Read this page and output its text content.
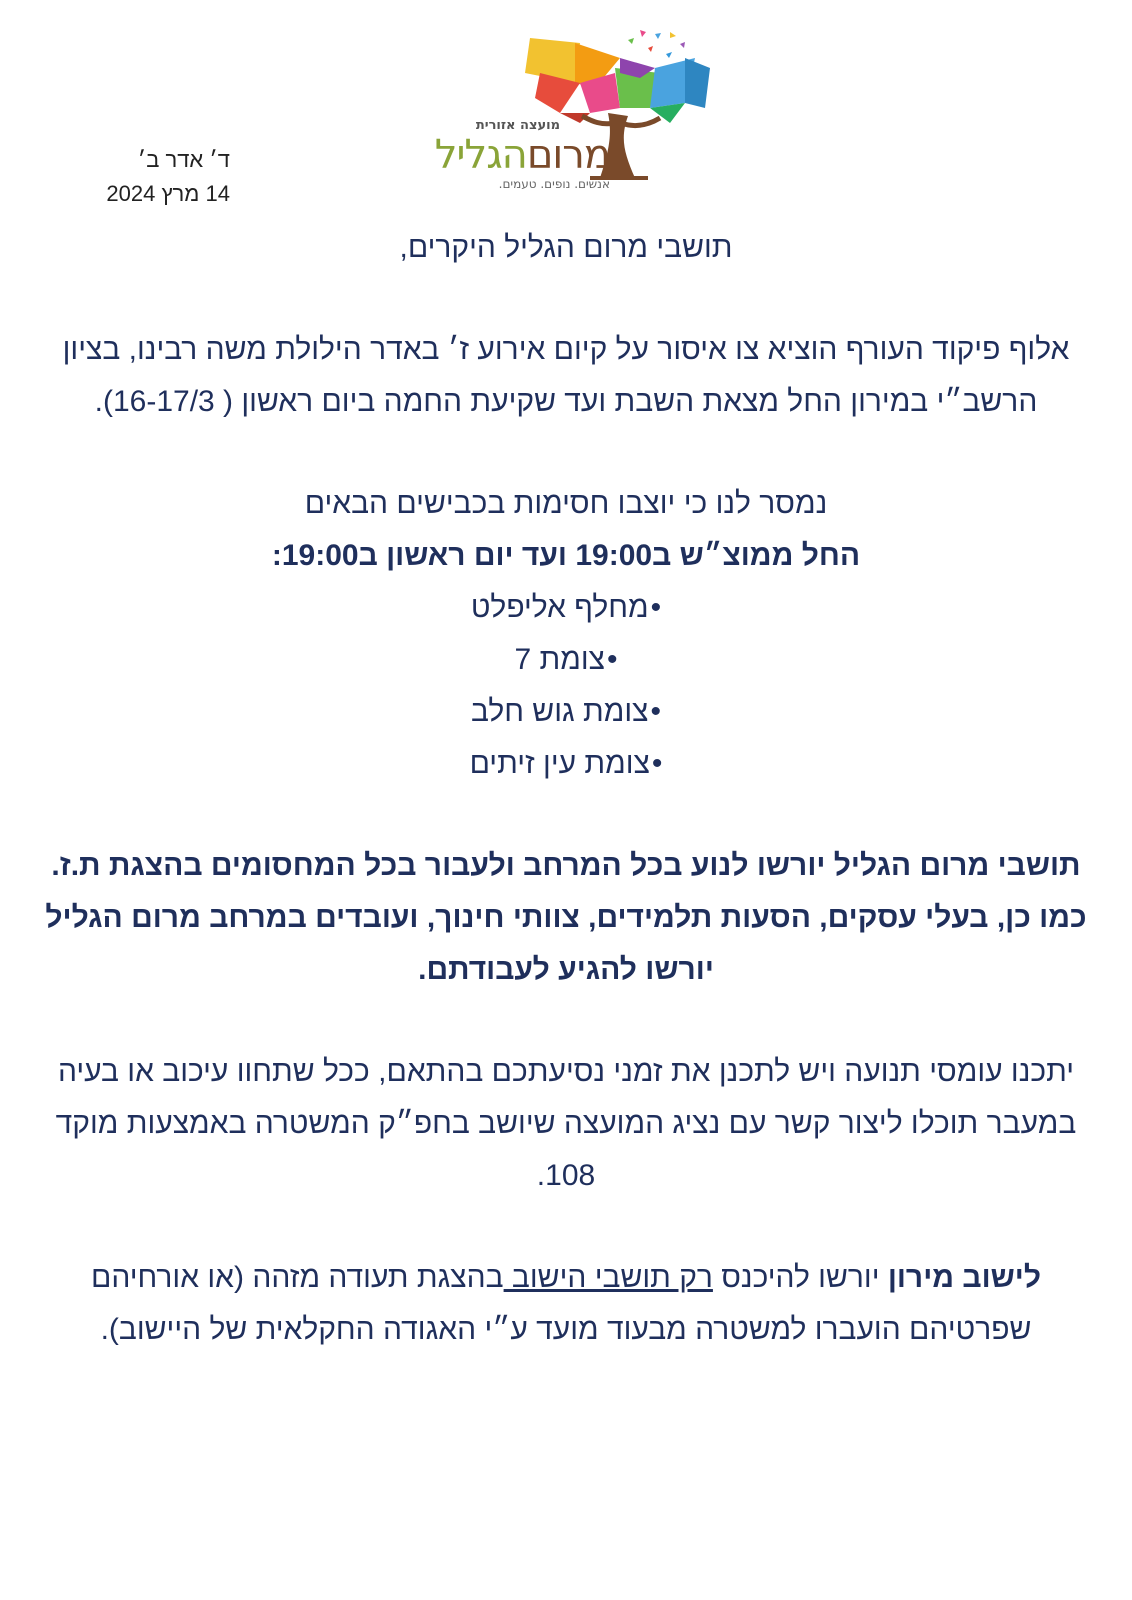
מועצה אזורית
מרוםהגליל
אנשים. נופים. טעמים.
ד׳ אדר ב׳
14 מרץ 2024

תושבי מרום הגליל היקרים,

אלוף פיקוד העורף הוציא צו איסור על קיום אירוע ז׳ באדר הילולת משה רבינו, בציון הרשב״י במירון החל מצאת השבת ועד שקיעת החמה ביום ראשון ( 16-17/3).

נמסר לנו כי יוצבו חסימות בכבישים הבאים

החל ממוצ״ש ב19:00 ועד יום ראשון ב19:00:

•מחלף אליפלט
•צומת 7
•צומת גוש חלב
•צומת עין זיתים

תושבי מרום הגליל יורשו לנוע בכל המרחב ולעבור בכל המחסומים בהצגת ת.ז. כמו כן, בעלי עסקים, הסעות תלמידים, צוותי חינוך, ועובדים במרחב מרום הגליל יורשו להגיע לעבודתם.

יתכנו עומסי תנועה ויש לתכנן את זמני נסיעתכם בהתאם, ככל שתחוו עיכוב או בעיה במעבר תוכלו ליצור קשר עם נציג המועצה שיושב בחפ״ק המשטרה באמצעות מוקד 108.

לישוב מירון יורשו להיכנס רק תושבי הישוב בהצגת תעודה מזהה (או אורחיהם שפרטיהם הועברו למשטרה מבעוד מועד ע״י האגודה החקלאית של היישוב).
